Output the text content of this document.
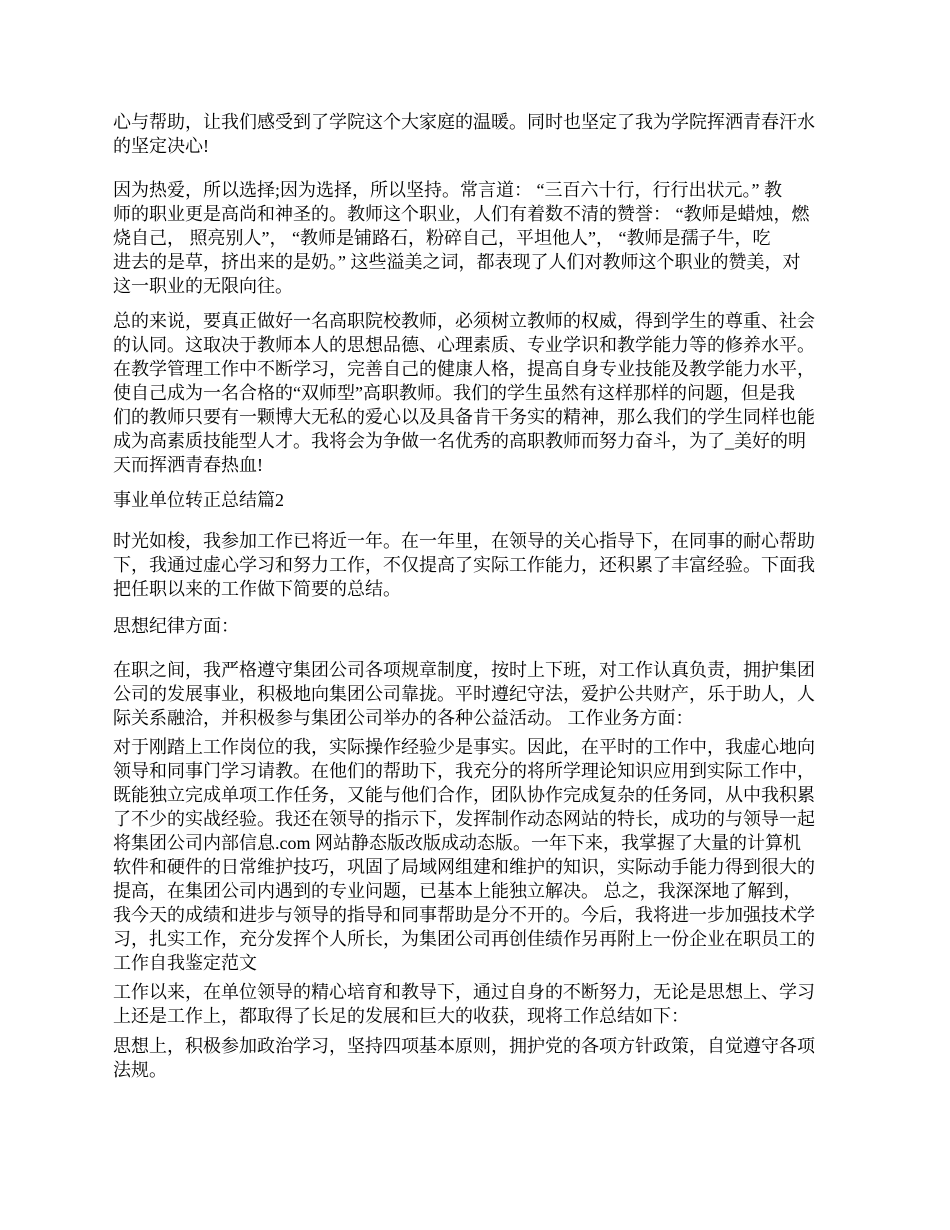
心与帮助，让我们感受到了学院这个大家庭的温暖。同时也坚定了我为学院挥洒青春汗水
的坚定决心!
因为热爱，所以选择;因为选择，所以坚持。常言道： “三百六十行，行行出状元。” 教
师的职业更是高尚和神圣的。教师这个职业，人们有着数不清的赞誉： “教师是蜡烛，燃
烧自己， 照亮别人”， “教师是铺路石，粉碎自己，平坦他人”， “教师是孺子牛，吃
进去的是草，挤出来的是奶。” 这些溢美之词，都表现了人们对教师这个职业的赞美，对
这一职业的无限向往。
总的来说，要真正做好一名高职院校教师，必须树立教师的权威，得到学生的尊重、社会
的认同。这取决于教师本人的思想品德、心理素质、专业学识和教学能力等的修养水平。
在教学管理工作中不断学习，完善自己的健康人格，提高自身专业技能及教学能力水平，
使自己成为一名合格的“双师型”高职教师。我们的学生虽然有这样那样的问题，但是我
们的教师只要有一颗博大无私的爱心以及具备肯干务实的精神，那么我们的学生同样也能
成为高素质技能型人才。我将会为争做一名优秀的高职教师而努力奋斗，为了_美好的明
天而挥洒青春热血!
事业单位转正总结篇2
时光如梭，我参加工作已将近一年。在一年里，在领导的关心指导下，在同事的耐心帮助
下，我通过虚心学习和努力工作，不仅提高了实际工作能力，还积累了丰富经验。下面我
把任职以来的工作做下简要的总结。
思想纪律方面：
在职之间，我严格遵守集团公司各项规章制度，按时上下班，对工作认真负责，拥护集团
公司的发展事业，积极地向集团公司靠拢。平时遵纪守法，爱护公共财产，乐于助人，人
际关系融洽，并积极参与集团公司举办的各种公益活动。 工作业务方面：
对于刚踏上工作岗位的我，实际操作经验少是事实。因此，在平时的工作中，我虚心地向
领导和同事门学习请教。在他们的帮助下，我充分的将所学理论知识应用到实际工作中，
既能独立完成单项工作任务，又能与他们合作，团队协作完成复杂的任务同，从中我积累
了不少的实战经验。我还在领导的指示下，发挥制作动态网站的特长，成功的与领导一起
将集团公司内部信息.com 网站静态版改版成动态版。一年下来，我掌握了大量的计算机
软件和硬件的日常维护技巧，巩固了局域网组建和维护的知识，实际动手能力得到很大的
提高，在集团公司内遇到的专业问题，已基本上能独立解决。 总之，我深深地了解到，
我今天的成绩和进步与领导的指导和同事帮助是分不开的。今后，我将进一步加强技术学
习，扎实工作，充分发挥个人所长，为集团公司再创佳绩作另再附上一份企业在职员工的
工作自我鉴定范文
工作以来，在单位领导的精心培育和教导下，通过自身的不断努力，无论是思想上、学习
上还是工作上，都取得了长足的发展和巨大的收获，现将工作总结如下：
思想上，积极参加政治学习，坚持四项基本原则，拥护党的各项方针政策，自觉遵守各项
法规。
